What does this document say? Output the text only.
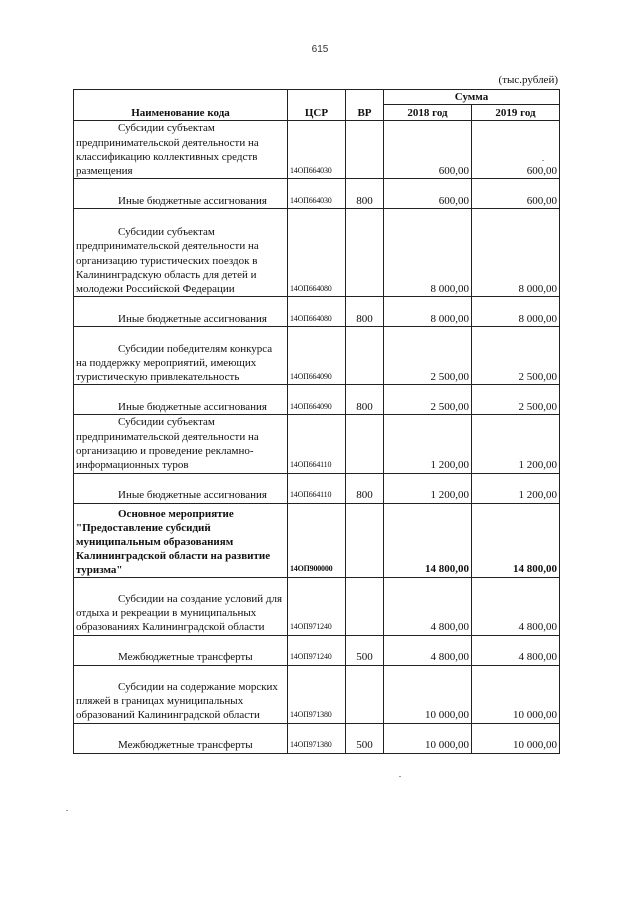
615
(тыс.рублей)
Наименование кода	ЦСР	ВР	Сумма	
			2018 год	2019 год
Субсидии субъектам предпринимательской деятельности на классификацию коллективных средств размещения	14ОП664030		600,00	600,00
Иные бюджетные ассигнования	14ОП664030	800	600,00	600,00
Субсидии субъектам предпринимательской деятельности на организацию туристических поездок в Калининградскую область для детей и молодежи Российской Федерации	14ОП664080		8 000,00	8 000,00
Иные бюджетные ассигнования	14ОП664080	800	8 000,00	8 000,00
Субсидии победителям конкурса на поддержку мероприятий, имеющих туристическую привлекательность	14ОП664090		2 500,00	2 500,00
Иные бюджетные ассигнования	14ОП664090	800	2 500,00	2 500,00
Субсидии субъектам предпринимательской деятельности на организацию и проведение рекламно-информационных туров	14ОП664110		1 200,00	1 200,00
Иные бюджетные ассигнования	14ОП664110	800	1 200,00	1 200,00
Основное мероприятие "Предоставление субсидий муниципальным образованиям Калининградской области на развитие туризма"	14ОП900000		14 800,00	14 800,00
Субсидии на создание условий для отдыха и рекреации в муниципальных образованиях Калининградской области	14ОП971240		4 800,00	4 800,00
Межбюджетные трансферты	14ОП971240	500	4 800,00	4 800,00
Субсидии на содержание морских пляжей в границах муниципальных образований Калининградской области	14ОП971380		10 000,00	10 000,00
Межбюджетные трансферты	14ОП971380	500	10 000,00	10 000,00
